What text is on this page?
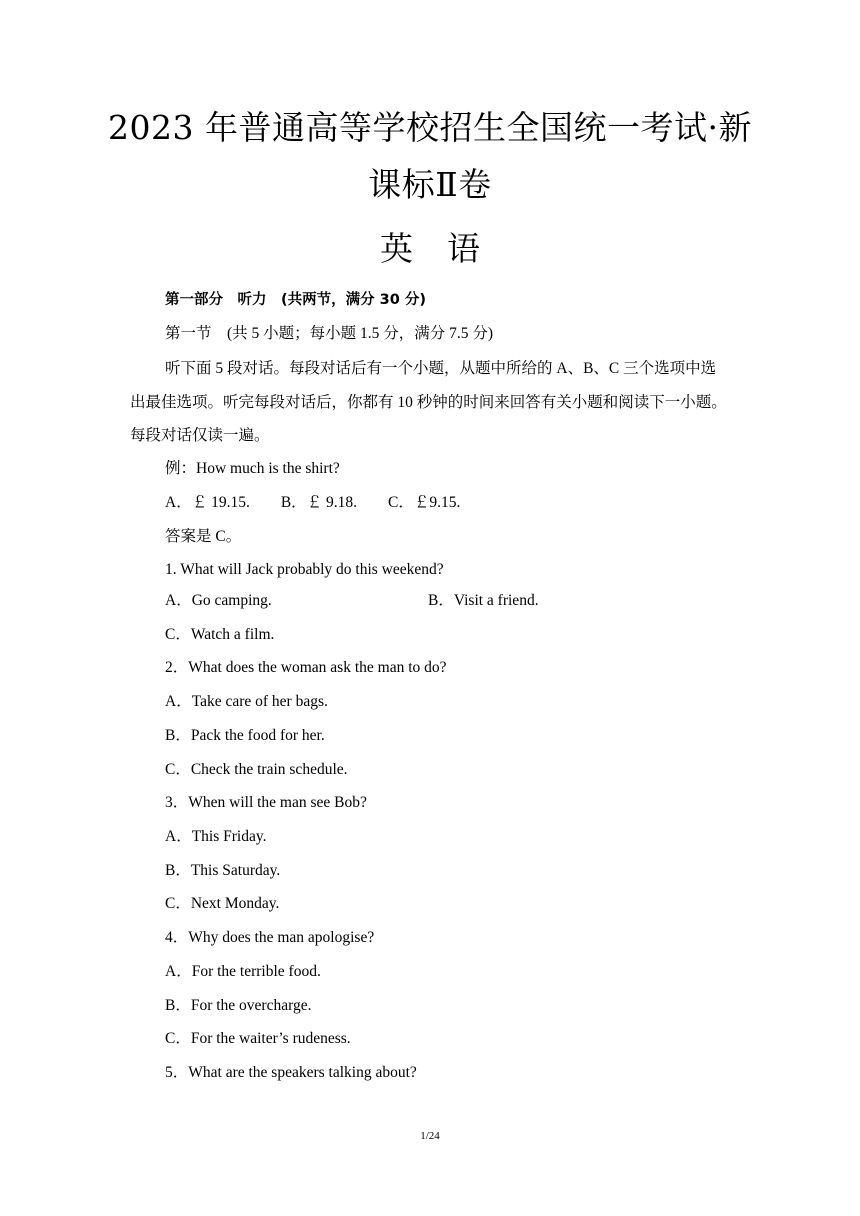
2023 年普通高等学校招生全国统一考试·新
课标Ⅱ卷
英语
第一部分　听力　(共两节，满分 30 分)
第一节　(共 5 小题；每小题 1.5 分，满分 7.5 分)
听下面 5 段对话。每段对话后有一个小题，从题中所给的 A、B、C 三个选项中选出最佳选项。听完每段对话后，你都有 10 秒钟的时间来回答有关小题和阅读下一小题。每段对话仅读一遍。
例：How much is the shirt?
A．￡ 19.15.　　B．￡ 9.18.　　C．￡9.15.
答案是 C。
1. What will Jack probably do this weekend?
A．Go camping.	B．Visit a friend.
C．Watch a film.
2．What does the woman ask the man to do?
A．Take care of her bags.
B．Pack the food for her.
C．Check the train schedule.
3．When will the man see Bob?
A．This Friday.
B．This Saturday.
C．Next Monday.
4．Why does the man apologise?
A．For the terrible food.
B．For the overcharge.
C．For the waiter’s rudeness.
5．What are the speakers talking about?
1/24
